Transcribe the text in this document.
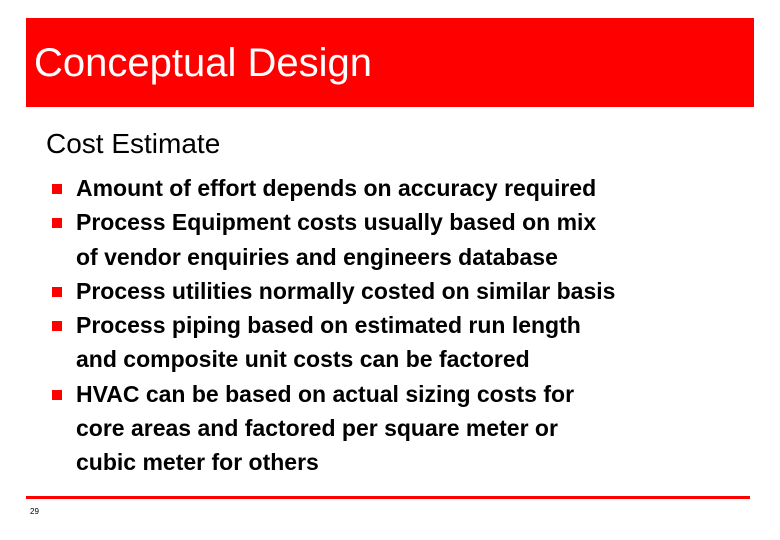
Conceptual Design
Cost Estimate
Amount of effort depends on accuracy required
Process Equipment costs usually based on mix
of vendor enquiries and engineers database
Process utilities normally costed on similar basis
Process piping based on estimated run length
and composite unit costs can be factored
HVAC can be based on actual sizing costs for
core areas and factored per square meter or
cubic meter for others
29
